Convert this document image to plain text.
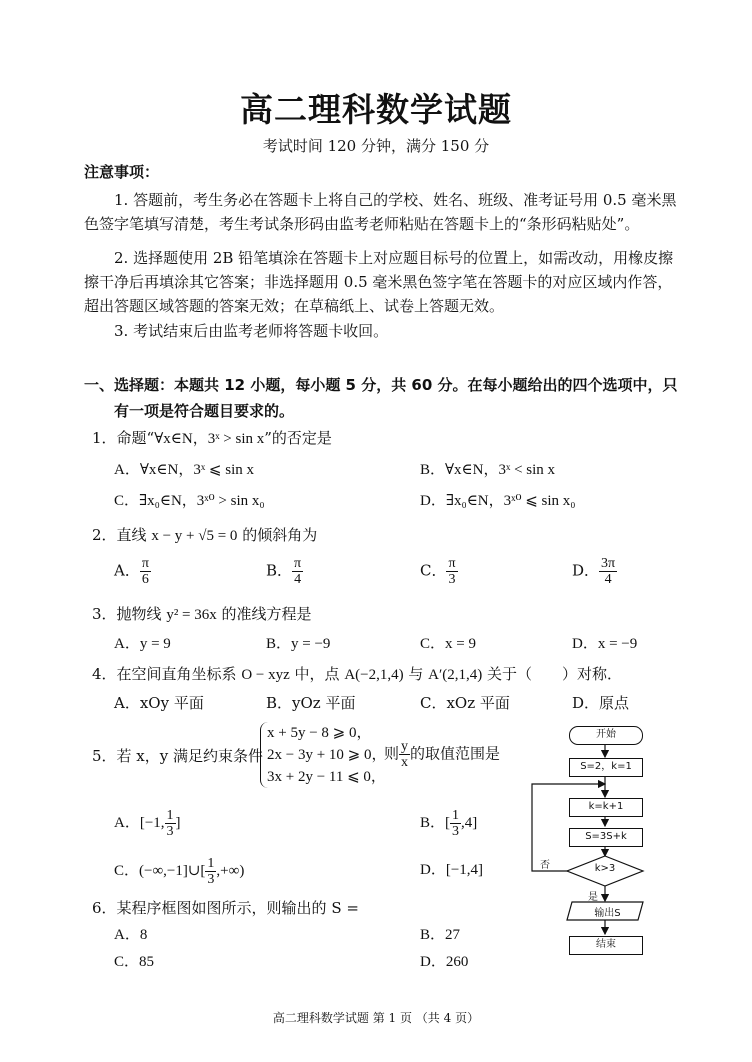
高二理科数学试题
考试时间 120 分钟，满分 150 分
注意事项：
1. 答题前，考生务必在答题卡上将自己的学校、姓名、班级、准考证号用 0.5 毫米黑
色签字笔填写清楚，考生考试条形码由监考老师粘贴在答题卡上的“条形码粘贴处”。
2. 选择题使用 2B 铅笔填涂在答题卡上对应题目标号的位置上，如需改动，用橡皮擦
擦干净后再填涂其它答案；非选择题用 0.5 毫米黑色签字笔在答题卡的对应区域内作答，
超出答题区域答题的答案无效；在草稿纸上、试卷上答题无效。
3. 考试结束后由监考老师将答题卡收回。
一、选择题：本题共 12 小题，每小题 5 分，共 60 分。在每小题给出的四个选项中，只
有一项是符合题目要求的。
1．命题“∀x∈N，3ˣ > sin x”的否定是
A．∀x∈N，3ˣ ⩽ sin x	B．∀x∈N，3ˣ < sin x
C．∃x₀∈N，3ˣ⁰ > sin x₀	D．∃x₀∈N，3ˣ⁰ ⩽ sin x₀
2．直线 x − y + √5 = 0 的倾斜角为
A． $\frac{\pi}{6}$	B． $\frac{\pi}{4}$	C． $\frac{\pi}{3}$	D． $\frac{3\pi}{4}$
3．抛物线 y² = 36x 的准线方程是
A．y = 9	B．y = −9	C．x = 9	D．x = −9
4．在空间直角坐标系 O − xyz 中，点 A(−2,1,4) 与 A′(2,1,4) 关于（　　）对称．
A．xOy 平面	B．yOz 平面	C．xOz 平面	D．原点
5．若 x，y 满足约束条件
x + 5y − 8 ⩾ 0，
2x − 3y + 10 ⩾ 0，
3x + 2y − 11 ⩽ 0，
则 $\frac{y}{x}$ 的取值范围是
A．[−1, $\frac{1}{3}$ ]	B．[ $\frac{1}{3} ,4$]
C．(−∞,−1]∪[ $\frac{1}{3}$ ,+∞)	D．[−1,4]
6．某程序框图如图所示，则输出的 S =
A．8	B．27
C．85	D．260
开始
S=2，k=1
k=k+1
S=3S+k
k>3
否
是
输出S
结束
高二理科数学试题 第 1 页 （共 4 页）
